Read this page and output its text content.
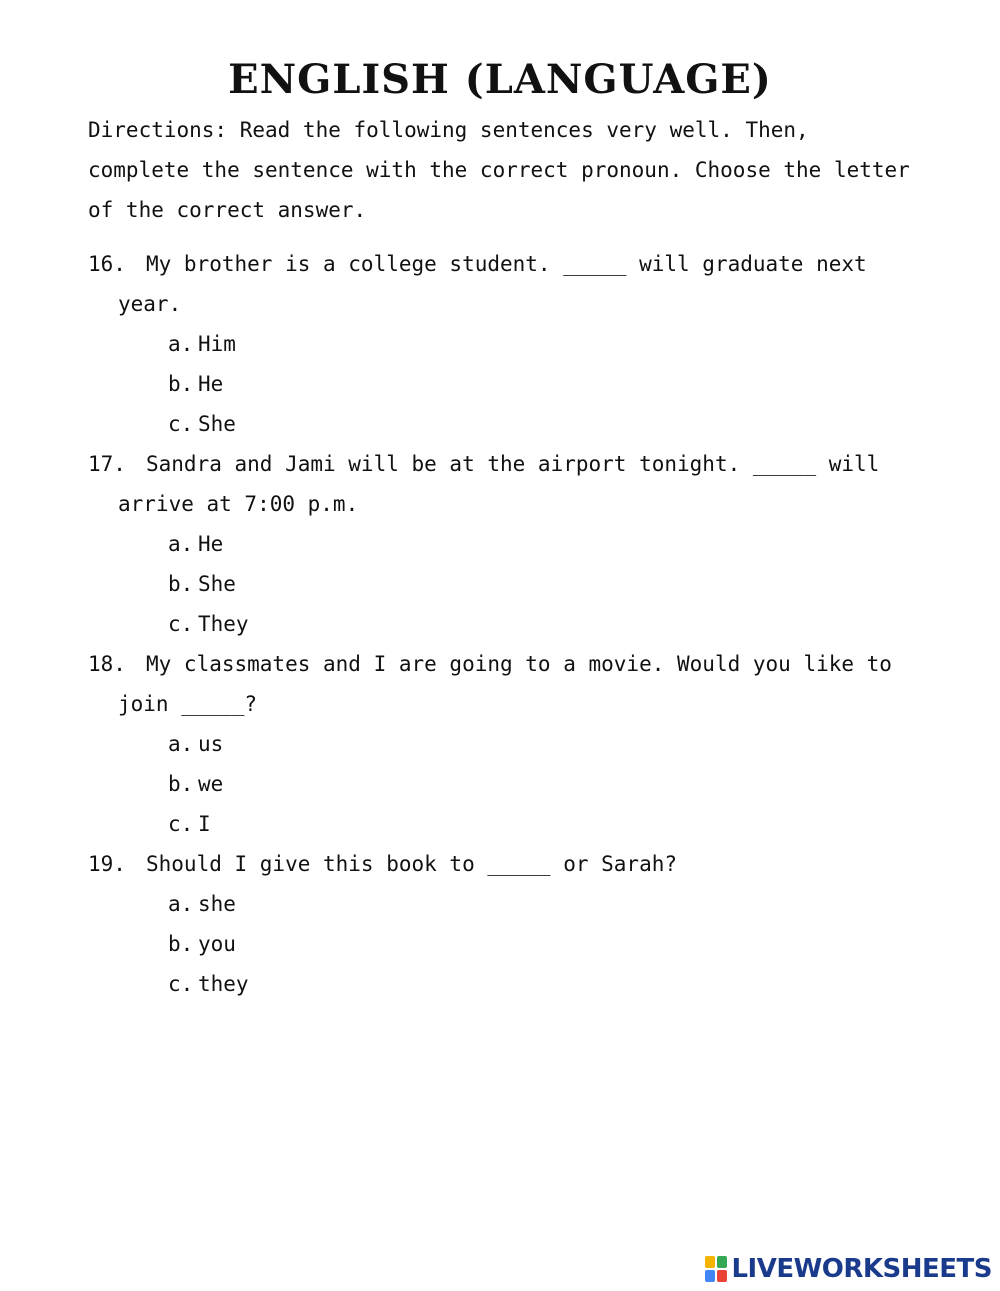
ENGLISH (LANGUAGE)

Directions: Read the following sentences very well. Then, complete the sentence with the correct pronoun. Choose the letter of the correct answer.

16. My brother is a college student. _____ will graduate next year.

a. Him
b. He
c. She

17. Sandra and Jami will be at the airport tonight. _____ will arrive at 7:00 p.m.

a. He
b. She
c. They

18. My classmates and I are going to a movie. Would you like to join _____?

a. us
b. we
c. I

19. Should I give this book to _____ or Sarah?

a. she
b. you
c. they
LIVEWORKSHEETS
